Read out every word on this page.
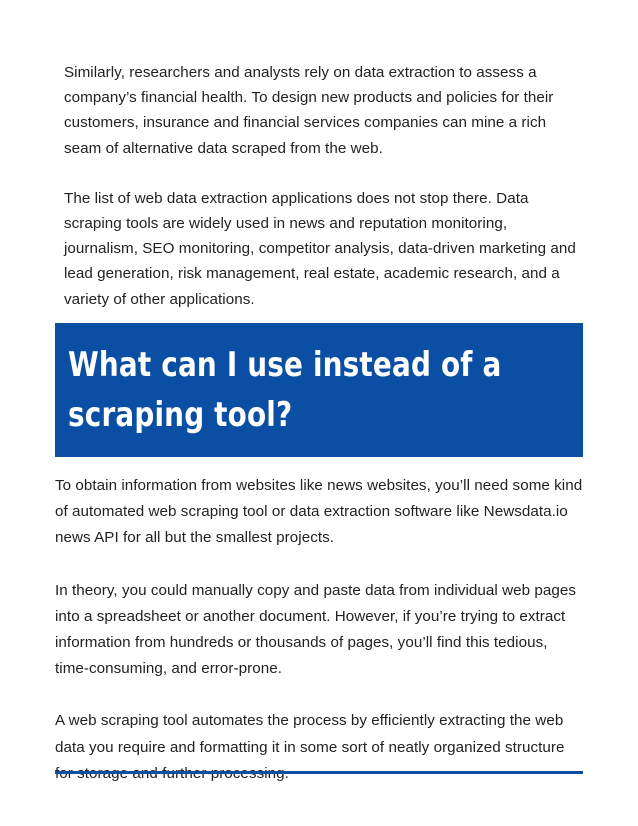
Similarly, researchers and analysts rely on data extraction to assess a company’s financial health. To design new products and policies for their customers, insurance and financial services companies can mine a rich seam of alternative data scraped from the web.

The list of web data extraction applications does not stop there. Data scraping tools are widely used in news and reputation monitoring, journalism, SEO monitoring, competitor analysis, data-driven marketing and lead generation, risk management, real estate, academic research, and a variety of other applications.

What can I use instead of a scraping tool?

To obtain information from websites like news websites, you’ll need some kind of automated web scraping tool or data extraction software like Newsdata.io news API for all but the smallest projects.

In theory, you could manually copy and paste data from individual web pages into a spreadsheet or another document. However, if you’re trying to extract information from hundreds or thousands of pages, you’ll find this tedious, time-consuming, and error-prone.

A web scraping tool automates the process by efficiently extracting the web data you require and formatting it in some sort of neatly organized structure
